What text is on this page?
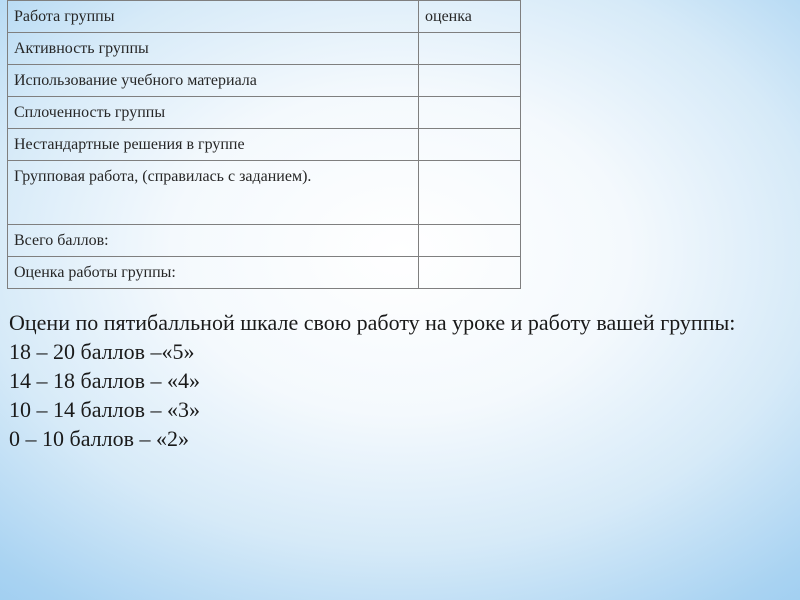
Работа группы	оценка
Активность группы	
Использование учебного материала	
Сплоченность группы	
Нестандартные решения в группе	
Групповая работа, (справилась с заданием).	
Всего баллов:	
Оценка работы группы:	

Оцени по пятибалльной шкале свою работу на уроке и работу вашей группы:

18 – 20 баллов –«5»

14 – 18 баллов – «4»

10 – 14 баллов – «3»

0 – 10 баллов – «2»
